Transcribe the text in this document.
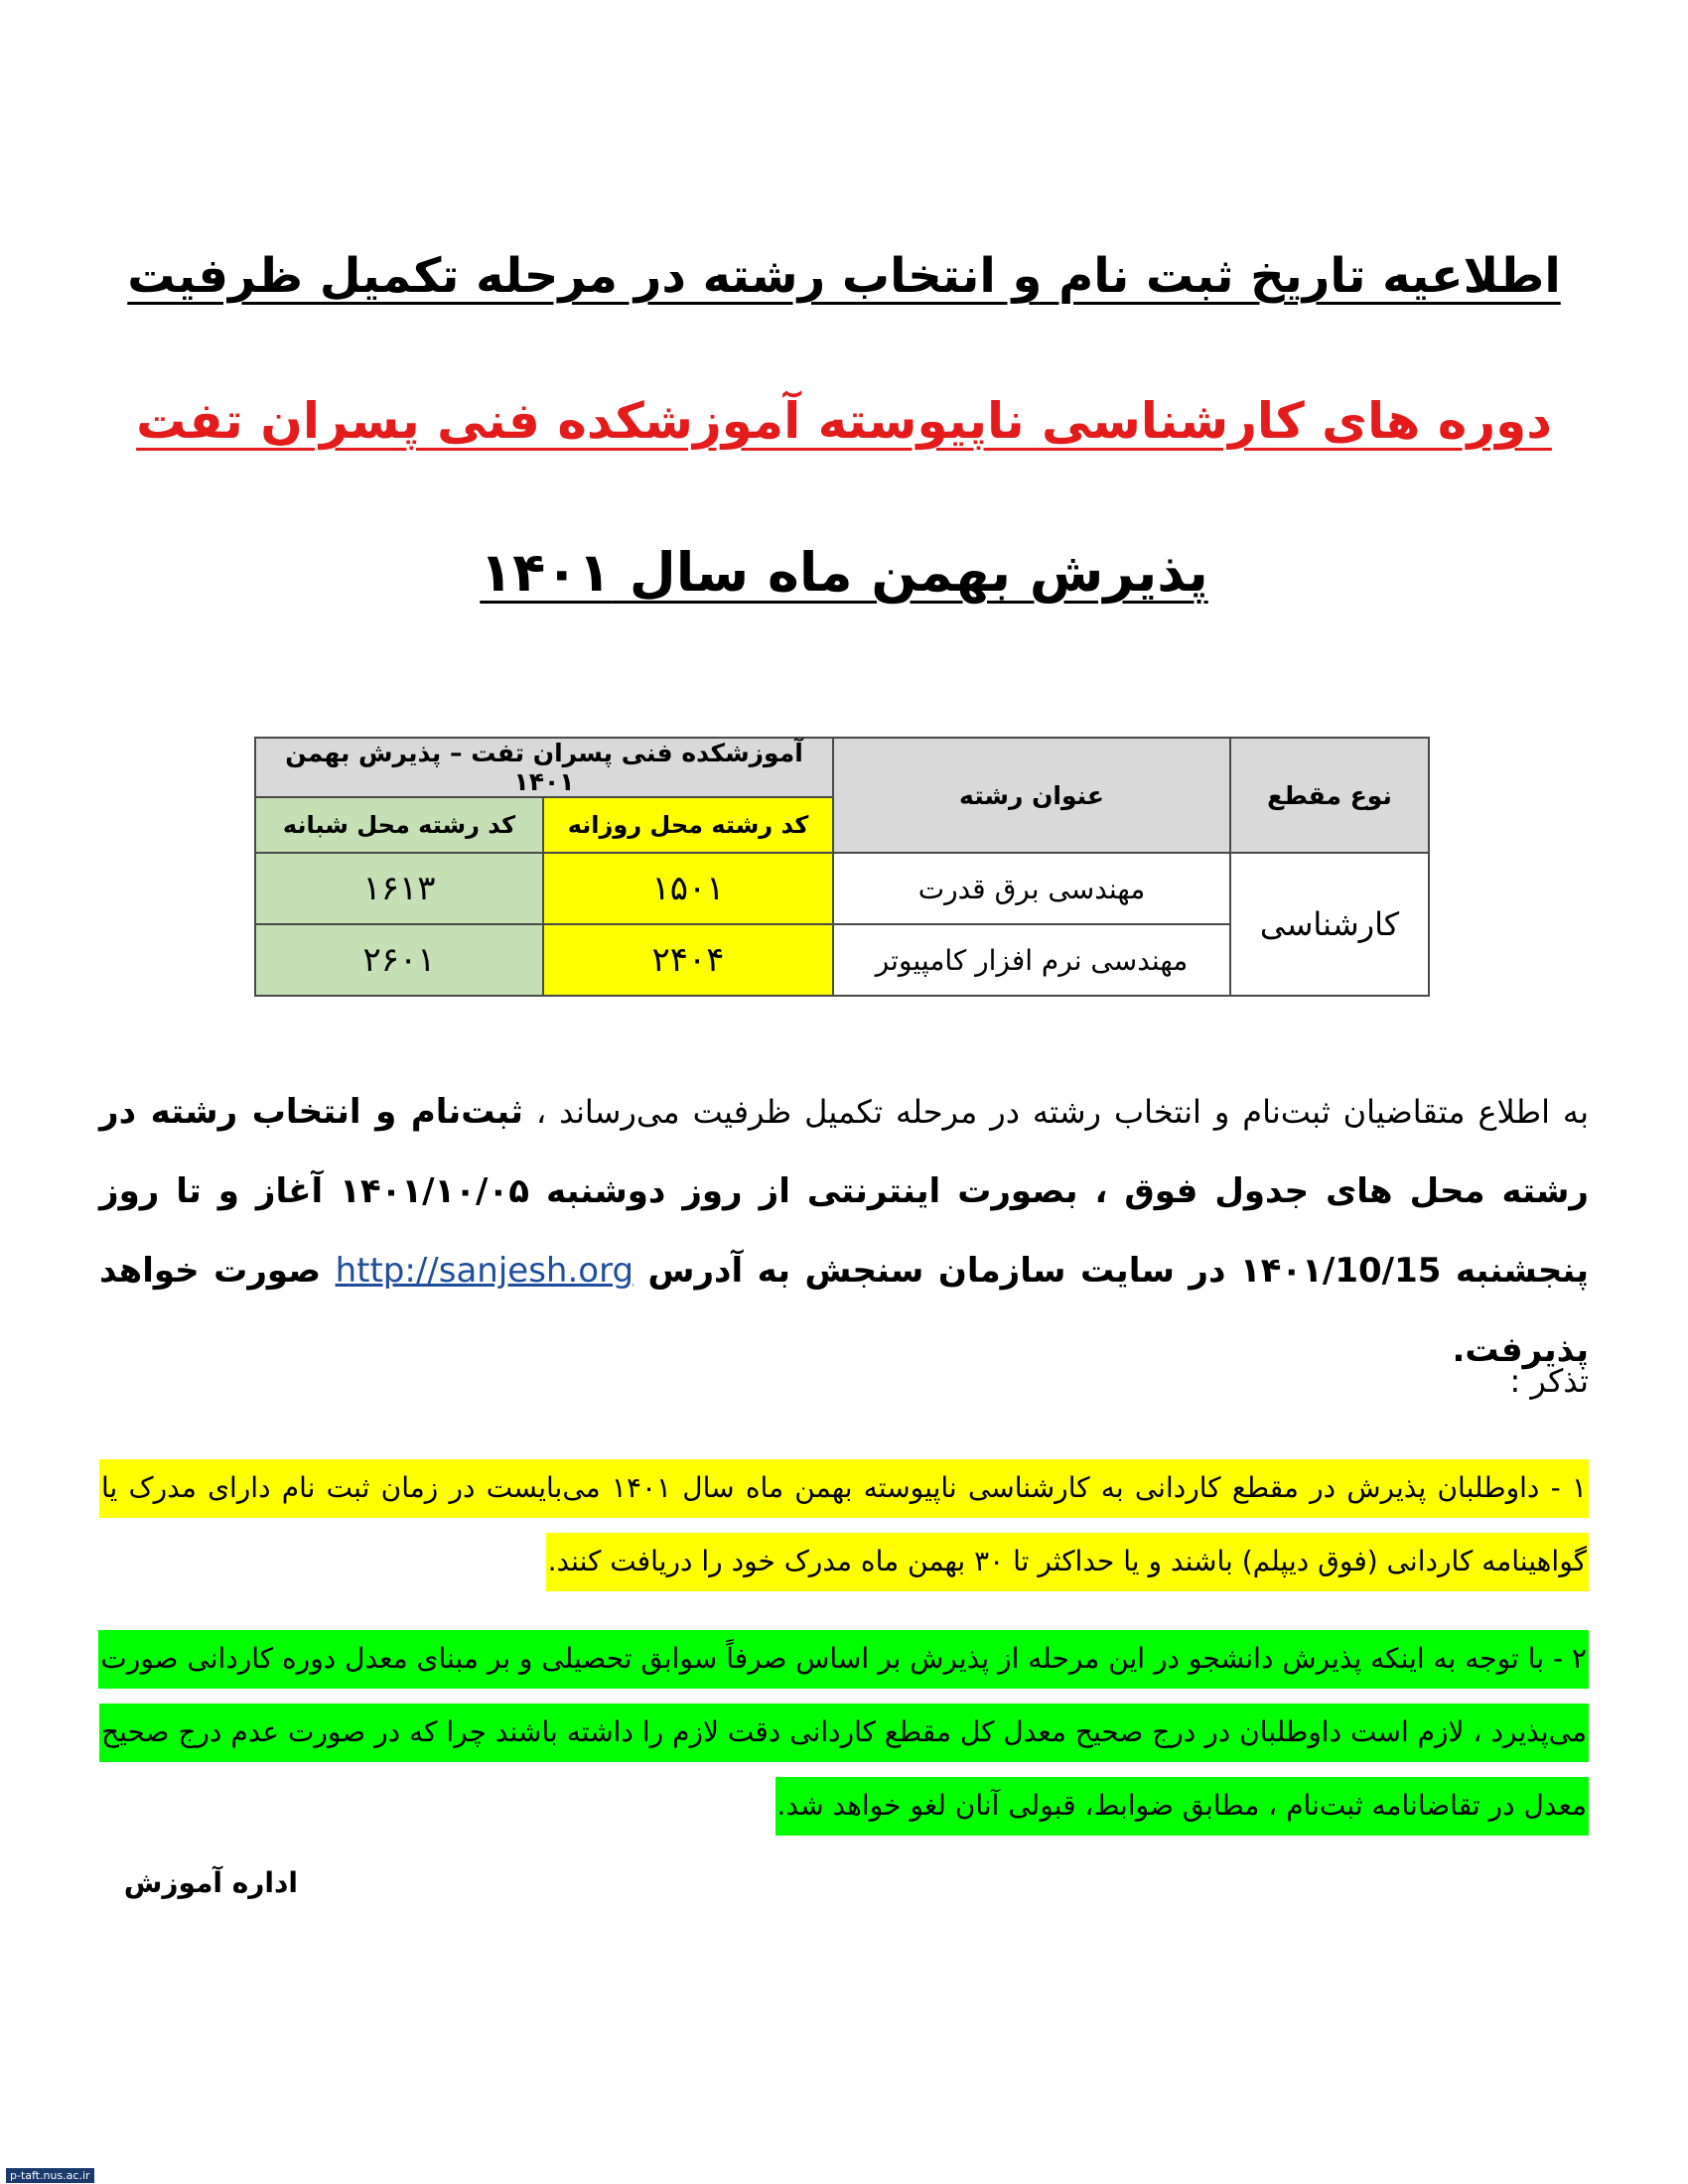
اطلاعیه تاریخ ثبت نام و انتخاب رشته در مرحله تکمیل ظرفیت
دوره های کارشناسی ناپیوسته آموزشکده فنی پسران تفت
پذیرش بهمن ماه سال ۱۴۰۱
نوع مقطع	عنوان رشته	آموزشکده فنی پسران تفت – پذیرش بهمن ۱۴۰۱	
		کد رشته محل روزانه	کد رشته محل شبانه
کارشناسی	مهندسی برق قدرت	۱۵۰۱	۱۶۱۳
	مهندسی نرم افزار کامپیوتر	۲۴۰۴	۲۶۰۱
به اطلاع متقاضیان ثبت‌نام و انتخاب رشته در مرحله تکمیل ظرفیت می‌رساند ، ثبت‌نام و انتخاب رشته در رشته محل های جدول فوق ، بصورت اینترنتی از روز دوشنبه ۱۴۰۱/۱۰/۰۵ آغاز و تا روز پنجشنبه ۱۴۰۱/10/15 در سایت سازمان سنجش به آدرس http://sanjesh.org صورت خواهد پذیرفت.
تذکر :
۱ - داوطلبان پذیرش در مقطع کاردانی به کارشناسی ناپیوسته بهمن ماه سال ۱۴۰۱ می‌بایست در زمان ثبت نام دارای مدرک یا گواهینامه کاردانی (فوق دیپلم) باشند و یا حداکثر تا ۳۰ بهمن ماه مدرک خود را دریافت کنند.
۲ - با توجه به اینکه پذیرش دانشجو در این مرحله از پذیرش بر اساس صرفاً سوابق تحصیلی و بر مبنای معدل دوره کاردانی صورت می‌پذیرد ، لازم است داوطلبان در درج صحیح معدل کل مقطع کاردانی دقت لازم را داشته باشند چرا که در صورت عدم درج صحیح معدل در تقاضانامه ثبت‌نام ، مطابق ضوابط، قبولی آنان لغو خواهد شد.
اداره آموزش
p-taft.nus.ac.ir
